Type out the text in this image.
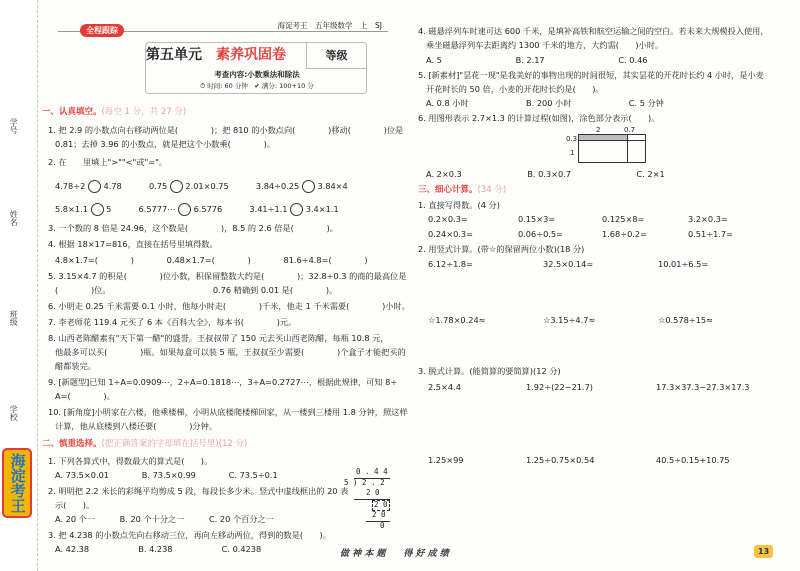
学号
姓名
班级
学校
海淀考王
全程跟踪
海淀考王　五年级数学　上　SJ
第五单元　 素养巩固卷	等级
考查内容:小数乘法和除法
⏱ 时间: 60 分钟　✔ 满分: 100+10 分
一、认真填空。(每空 1 分，共 27 分)
1. 把 2.9 的小数点向右移动两位是(　　　　)；把 810 的小数点向(　　　　)移动(　　　　)位是
0.81；去掉 3.96 的小数点，就是把这个小数乘(　　　　)。
2. 在　　里填上">""<"或"="。
4.78÷2 4.78 　　　	0.75 2.01×0.75 　　　	3.84÷0.25 3.84×4
5.8×1.1 5 　　　	6.5777⋯ 6.5776̇ 　　　	3.41÷1.1 3.4×1.1
3. 一个数的 8 倍是 24.96，这个数是(　　　　)，8.5 的 2.6 倍是(　　　　)。
4. 根据 18×17=816，直接在括号里填得数。
4.8×1.7=(　　　　)　　　　0.48×1.7=(　　　　)　　　　81.6÷4.8=(　　　　)
5. 3.15×4.7 的积是(　　　　)位小数，积保留整数大约是(　　　　)；32.8÷0.3 的商的最高位是
(　　　　)位。　　　　　　　　　　　　　0.76 精确到 0.01 是(　　　　)。
6. 小明走 0.25 千米需要 0.1 小时，他每小时走(　　　　)千米，他走 1 千米需要(　　　　)小时。
7. 李老师花 119.4 元买了 6 本《百科大全》，每本书(　　　　)元。
8. 山西老陈醋素有"天下第一醋"的盛誉。王叔叔带了 150 元去买山西老陈醋，每瓶 10.8 元，
他最多可以买(　　　　)瓶。如果每盒可以装 5 瓶，王叔叔至少需要(　　　　)个盒子才能把买的
醋都装完。
9. [新题型]已知 1÷A=0.0909⋯，2÷A=0.1818⋯，3÷A=0.2727⋯，根据此规律，可知 8÷
A=(　　　　)。
10. [新角度]小明家在六楼，他乘楼梯，小明从底楼爬楼梯回家，从一楼到三楼用 1.8 分钟，照这样
计算，他从底楼到八楼还要(　　　　)分钟。
二、慎重选择。(把正确答案的字母填在括号里)(12 分)
1. 下列各算式中，得数最大的算式是(　　)。
A. 73.5×0.01　　　　	B. 73.5×0.99　　　　	C. 73.5÷0.1
2. 明明把 2.2 米长的彩绳平均剪成 5 段，每段长多少米。竖式中虚线框出的 20 表
示(　　)。
A. 20 个一　　　	B. 20 个十分之一　　　	C. 20 个百分之一
3. 把 4.238 的小数点先向右移动三位，再向左移动两位，得到的数是(　　)。
A. 42.38　　　　　　	B. 4.238　　　　　　	C. 0.4238
0 . 4 4
5 ) 2 . 2
2 0
2 0
2 0
0
4. 磁悬浮列车时速可达 600 千米，是填补高铁和航空运输之间的空白。若未来大规模投入使用，
乘坐磁悬浮列车去距离约 1300 千米的地方，大约需(　　)小时。
A. 5　　　　　　　　　	B. 2.17　　　　　　　　　	C. 0.46
5. [新素材]"昙花一现"是我美好的事物出现的时间很短，其实昙花的开花时长约 4 小时，是小麦
开花时长的 50 倍，小麦的开花时长约是(　　)。
A. 0.8 小时　　　　　　　	B. 200 小时　　　　　　　	C. 5 分钟
6. 用图形表示 2.7×1.3 的计算过程(如图)，涂色部分表示(　　)。
2	0.7
0.3
1
A. 2×0.3　　　　　　　　	B. 0.3×0.7　　　　　　　　	C. 2×1
三、细心计算。(34 分)
1. 直接写得数。(4 分)
0.2×0.3=	0.15×3=	0.125×8=	3.2×0.3=
0.24×0.3=	0.06÷0.5=	1.68÷0.2=	0.51÷1.7=
2. 用竖式计算。(带☆的保留两位小数)(18 分)
6.12÷1.8=	32.5×0.14=	10.01÷6.5=
☆1.78×0.24≈	☆3.15÷4.7≈	☆0.578÷15≈
3. 脱式计算。(能简算的要简算)(12 分)
2.5×4.4	1.92÷(22−21.7)	17.3×37.3−27.3×17.3
1.25×99	1.25÷0.75×0.54	40.5÷0.15+10.75
做 神 本 题　　得 好 成 绩	13
